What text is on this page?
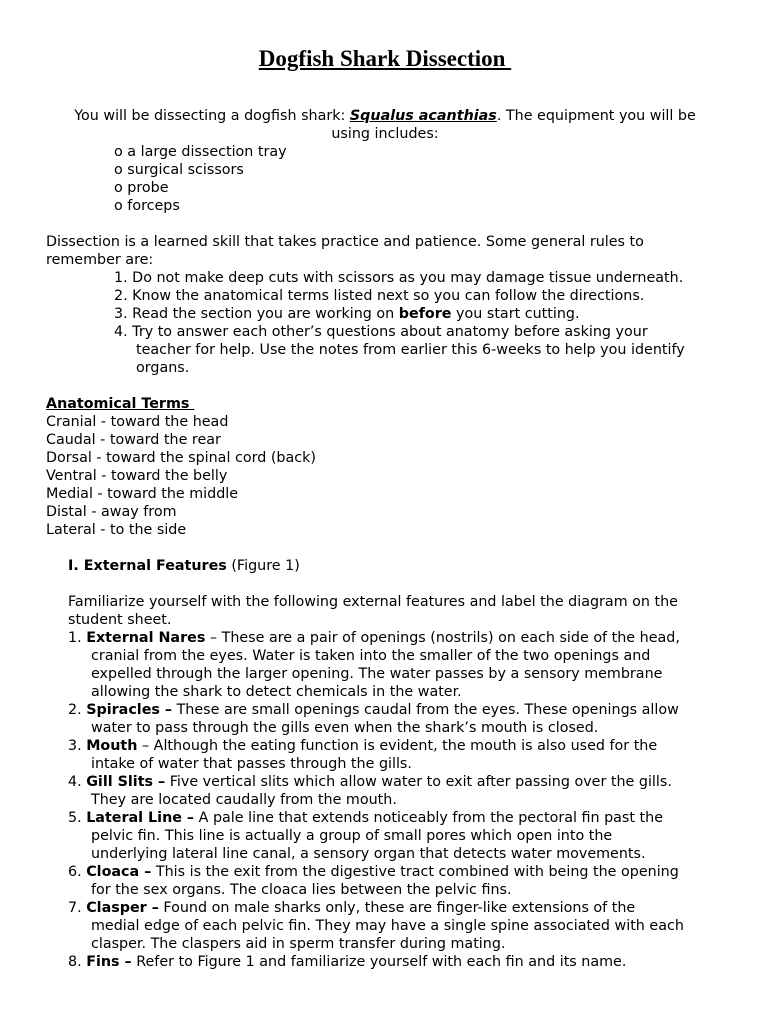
Dogfish Shark Dissection
You will be dissecting a dogfish shark: Squalus acanthias. The equipment you will be
using includes:
o a large dissection tray
o surgical scissors
o probe
o forceps
Dissection is a learned skill that takes practice and patience. Some general rules to
remember are:
1. Do not make deep cuts with scissors as you may damage tissue underneath.
2. Know the anatomical terms listed next so you can follow the directions.
3. Read the section you are working on before you start cutting.
4. Try to answer each other’s questions about anatomy before asking your
teacher for help. Use the notes from earlier this 6-weeks to help you identify
organs.
Anatomical Terms
Cranial - toward the head
Caudal - toward the rear
Dorsal - toward the spinal cord (back)
Ventral - toward the belly
Medial - toward the middle
Distal - away from
Lateral - to the side
I. External Features (Figure 1)
Familiarize yourself with the following external features and label the diagram on the
student sheet.
1. External Nares – These are a pair of openings (nostrils) on each side of the head,
cranial from the eyes. Water is taken into the smaller of the two openings and
expelled through the larger opening. The water passes by a sensory membrane
allowing the shark to detect chemicals in the water.
2. Spiracles – These are small openings caudal from the eyes. These openings allow
water to pass through the gills even when the shark’s mouth is closed.
3. Mouth – Although the eating function is evident, the mouth is also used for the
intake of water that passes through the gills.
4. Gill Slits – Five vertical slits which allow water to exit after passing over the gills.
They are located caudally from the mouth.
5. Lateral Line – A pale line that extends noticeably from the pectoral fin past the
pelvic fin. This line is actually a group of small pores which open into the
underlying lateral line canal, a sensory organ that detects water movements.
6. Cloaca – This is the exit from the digestive tract combined with being the opening
for the sex organs. The cloaca lies between the pelvic fins.
7. Clasper – Found on male sharks only, these are finger-like extensions of the
medial edge of each pelvic fin. They may have a single spine associated with each
clasper. The claspers aid in sperm transfer during mating.
8. Fins – Refer to Figure 1 and familiarize yourself with each fin and its name.
